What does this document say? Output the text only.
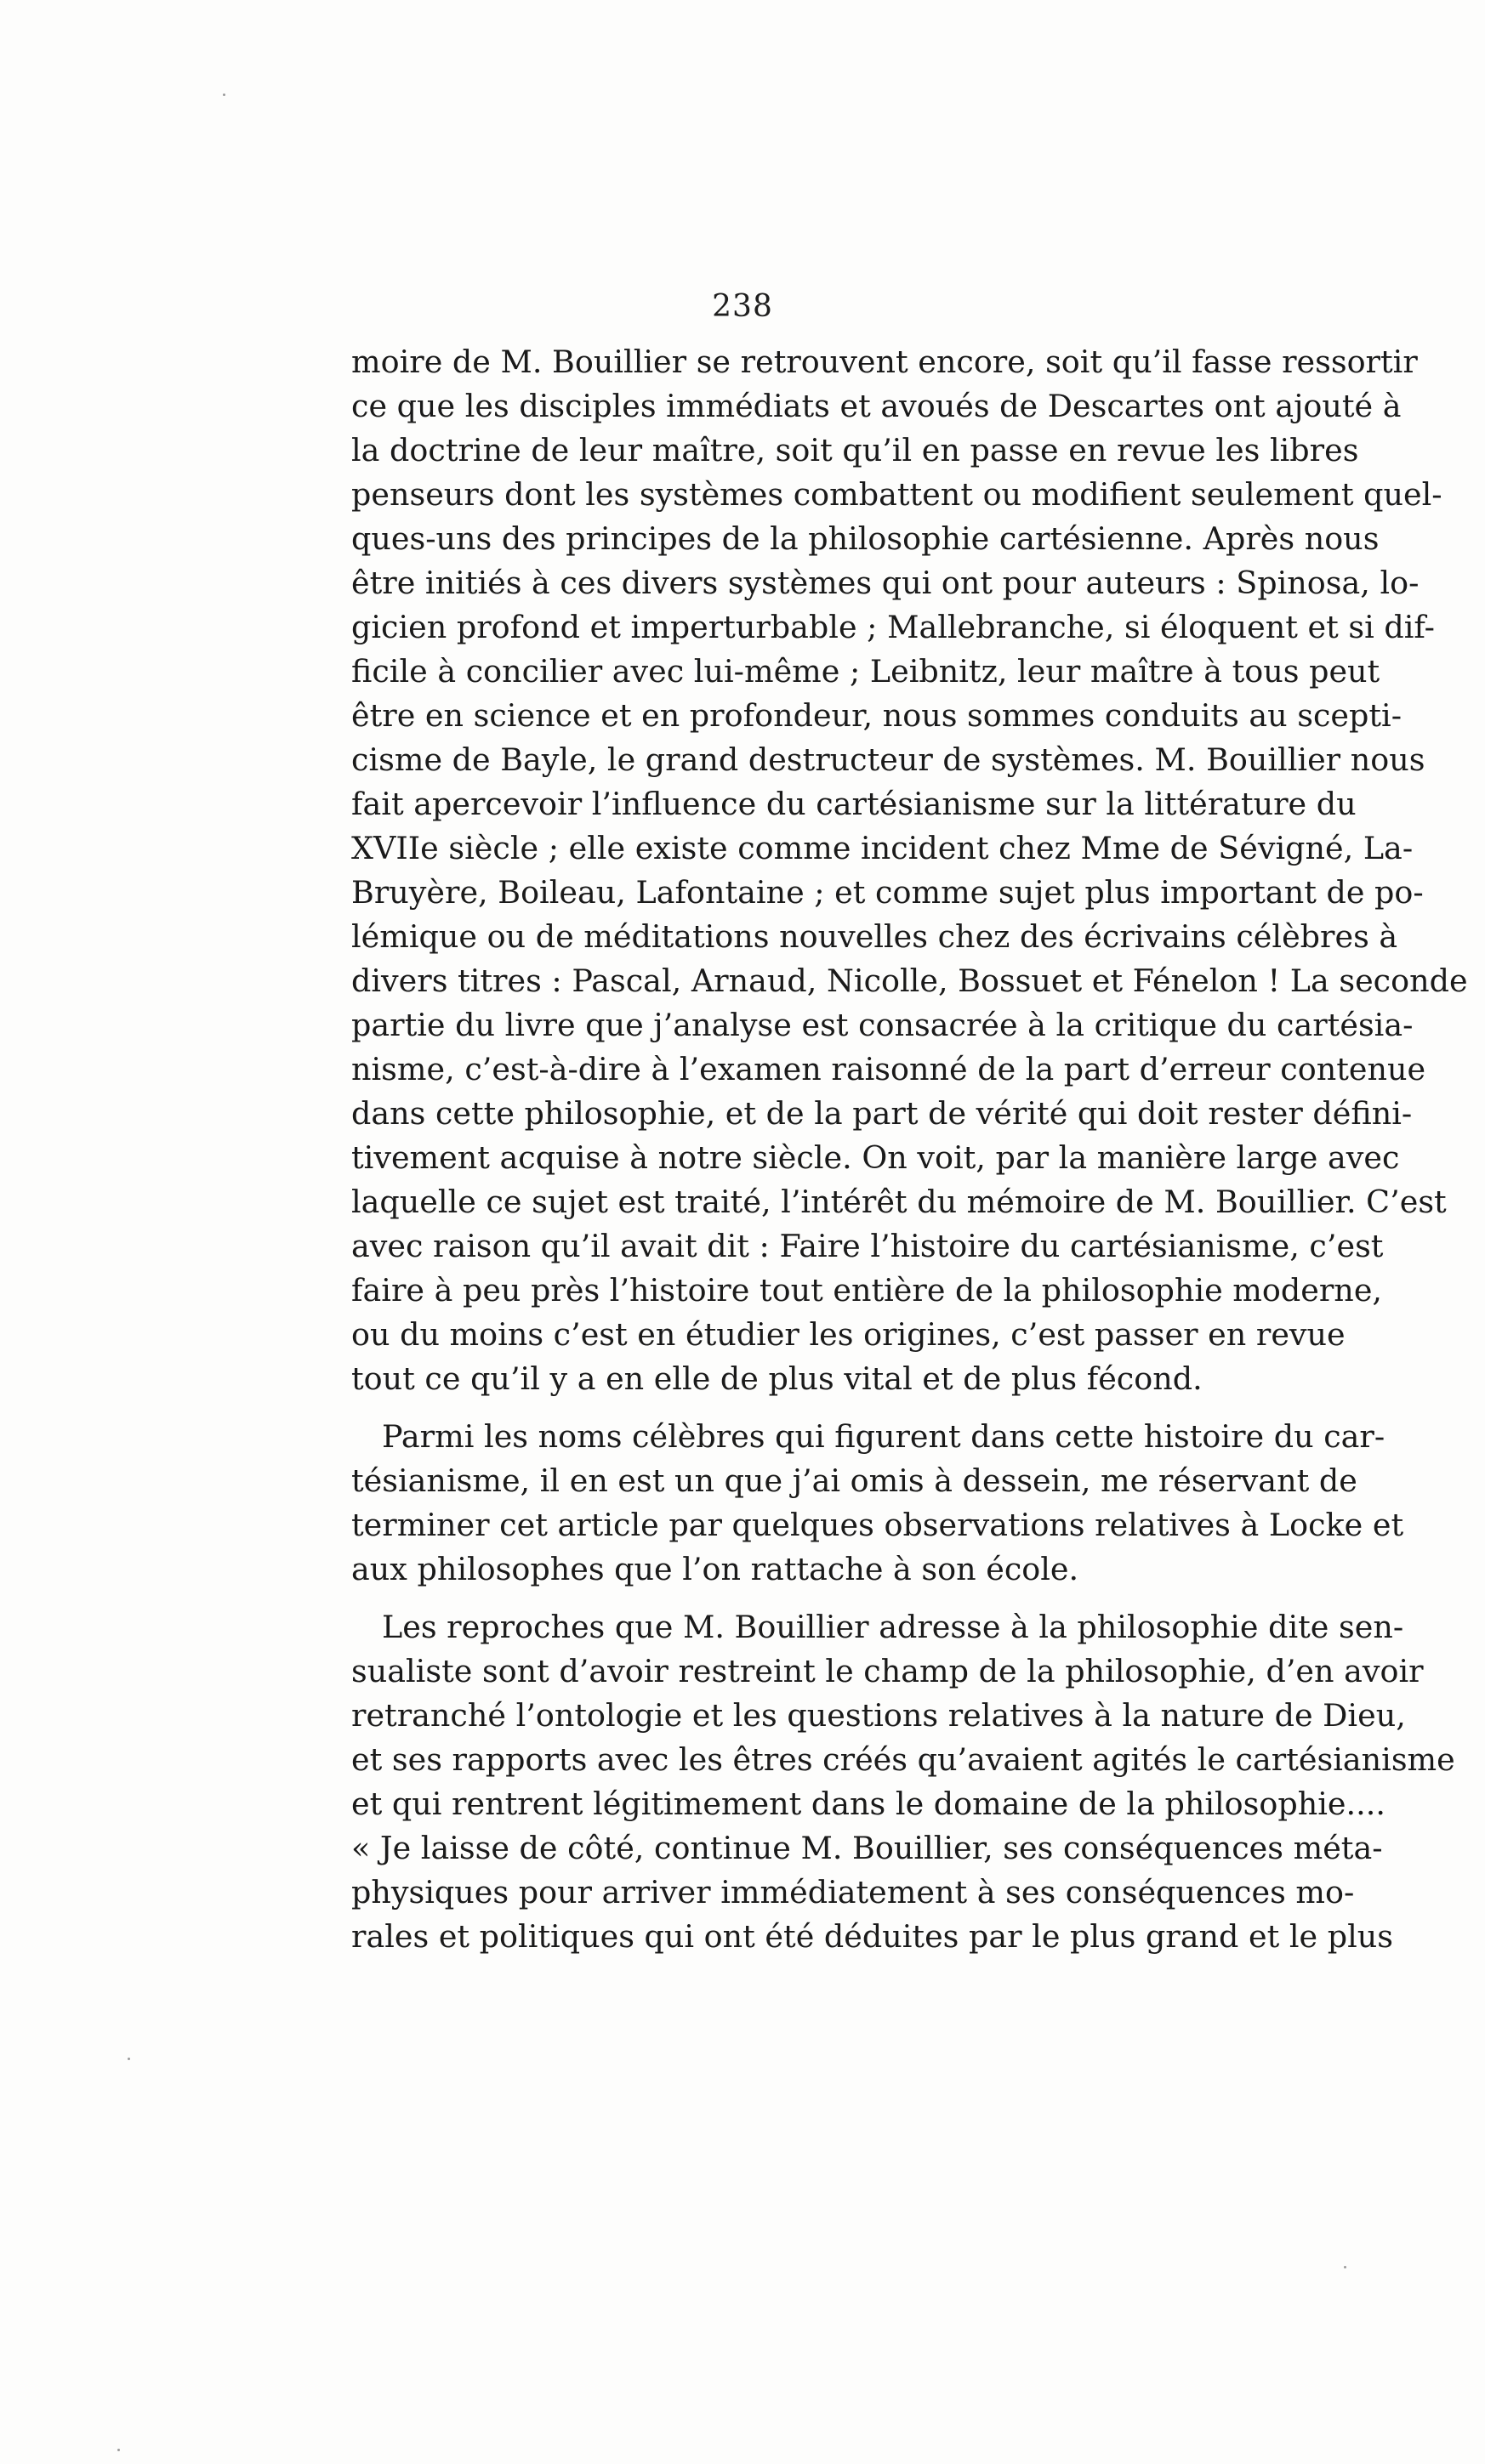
238
moire de M. Bouillier se retrouvent encore, soit qu’il fasse ressortir
ce que les disciples immédiats et avoués de Descartes ont ajouté à
la doctrine de leur maître, soit qu’il en passe en revue les libres
penseurs dont les systèmes combattent ou modifient seulement quel-
ques-uns des principes de la philosophie cartésienne. Après nous
être initiés à ces divers systèmes qui ont pour auteurs : Spinosa, lo-
gicien profond et imperturbable ; Mallebranche, si éloquent et si dif-
ficile à concilier avec lui-même ; Leibnitz, leur maître à tous peut
être en science et en profondeur, nous sommes conduits au scepti-
cisme de Bayle, le grand destructeur de systèmes. M. Bouillier nous
fait apercevoir l’influence du cartésianisme sur la littérature du
XVIIe siècle ; elle existe comme incident chez Mme de Sévigné, La-
Bruyère, Boileau, Lafontaine ; et comme sujet plus important de po-
lémique ou de méditations nouvelles chez des écrivains célèbres à
divers titres : Pascal, Arnaud, Nicolle, Bossuet et Fénelon ! La seconde
partie du livre que j’analyse est consacrée à la critique du cartésia-
nisme, c’est-à-dire à l’examen raisonné de la part d’erreur contenue
dans cette philosophie, et de la part de vérité qui doit rester défini-
tivement acquise à notre siècle. On voit, par la manière large avec
laquelle ce sujet est traité, l’intérêt du mémoire de M. Bouillier. C’est
avec raison qu’il avait dit : Faire l’histoire du cartésianisme, c’est
faire à peu près l’histoire tout entière de la philosophie moderne,
ou du moins c’est en étudier les origines, c’est passer en revue
tout ce qu’il y a en elle de plus vital et de plus fécond.
Parmi les noms célèbres qui figurent dans cette histoire du car-
tésianisme, il en est un que j’ai omis à dessein, me réservant de
terminer cet article par quelques observations relatives à Locke et
aux philosophes que l’on rattache à son école.
Les reproches que M. Bouillier adresse à la philosophie dite sen-
sualiste sont d’avoir restreint le champ de la philosophie, d’en avoir
retranché l’ontologie et les questions relatives à la nature de Dieu,
et ses rapports avec les êtres créés qu’avaient agités le cartésianisme
et qui rentrent légitimement dans le domaine de la philosophie....
« Je laisse de côté, continue M. Bouillier, ses conséquences méta-
physiques pour arriver immédiatement à ses conséquences mo-
rales et politiques qui ont été déduites par le plus grand et le plus
